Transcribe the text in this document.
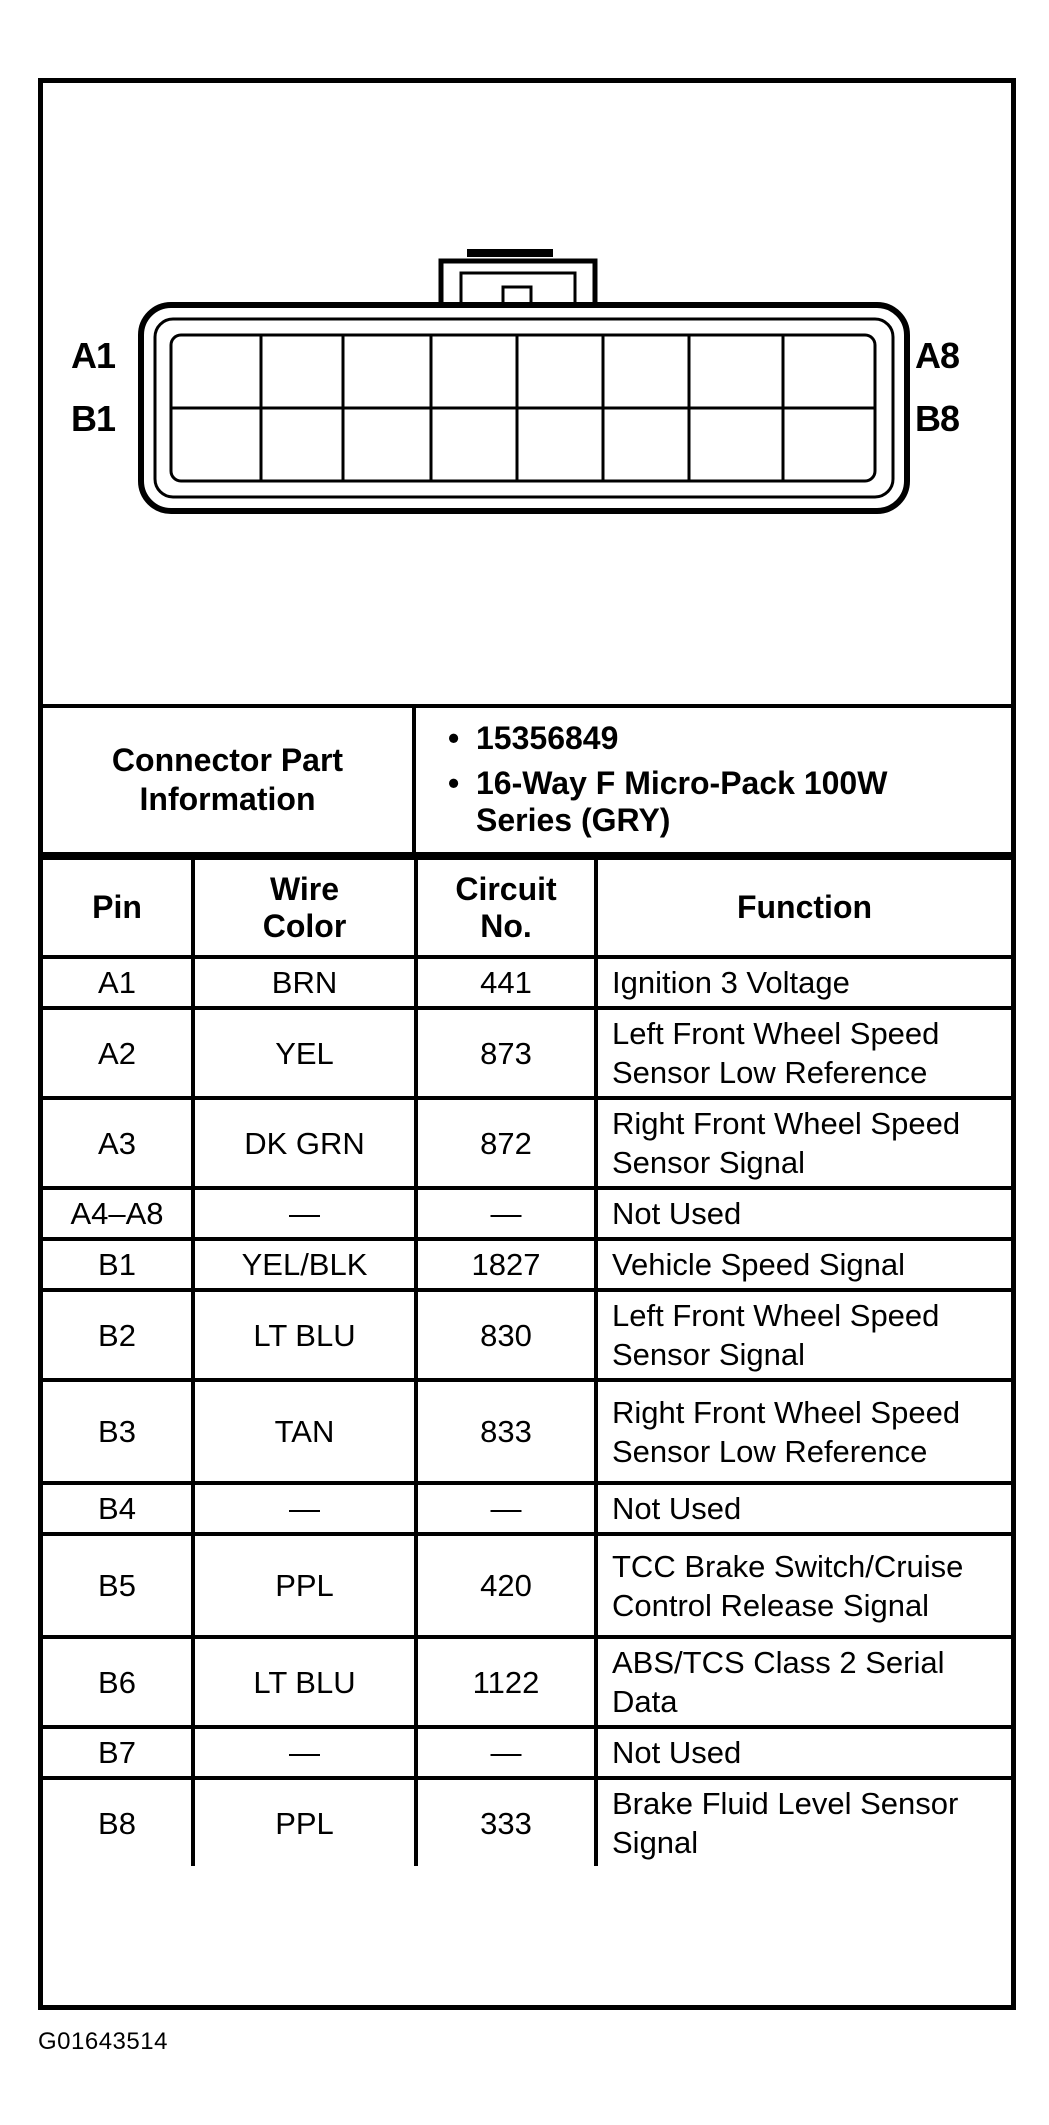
A1
B1
A8
B8
Connector Part Information
• 15356849
• 16-Way F Micro-Pack 100W Series (GRY)
Pin	Wire Color	Circuit No.	Function
A1	BRN	441	Ignition 3 Voltage
A2	YEL	873	Left Front Wheel Speed Sensor Low Reference
A3	DK GRN	872	Right Front Wheel Speed Sensor Signal
A4–A8	—	—	Not Used
B1	YEL/BLK	1827	Vehicle Speed Signal
B2	LT BLU	830	Left Front Wheel Speed Sensor Signal
B3	TAN	833	Right Front Wheel Speed Sensor Low Reference
B4	—	—	Not Used
B5	PPL	420	TCC Brake Switch/Cruise Control Release Signal
B6	LT BLU	1122	ABS/TCS Class 2 Serial Data
B7	—	—	Not Used
B8	PPL	333	Brake Fluid Level Sensor Signal
G01643514
